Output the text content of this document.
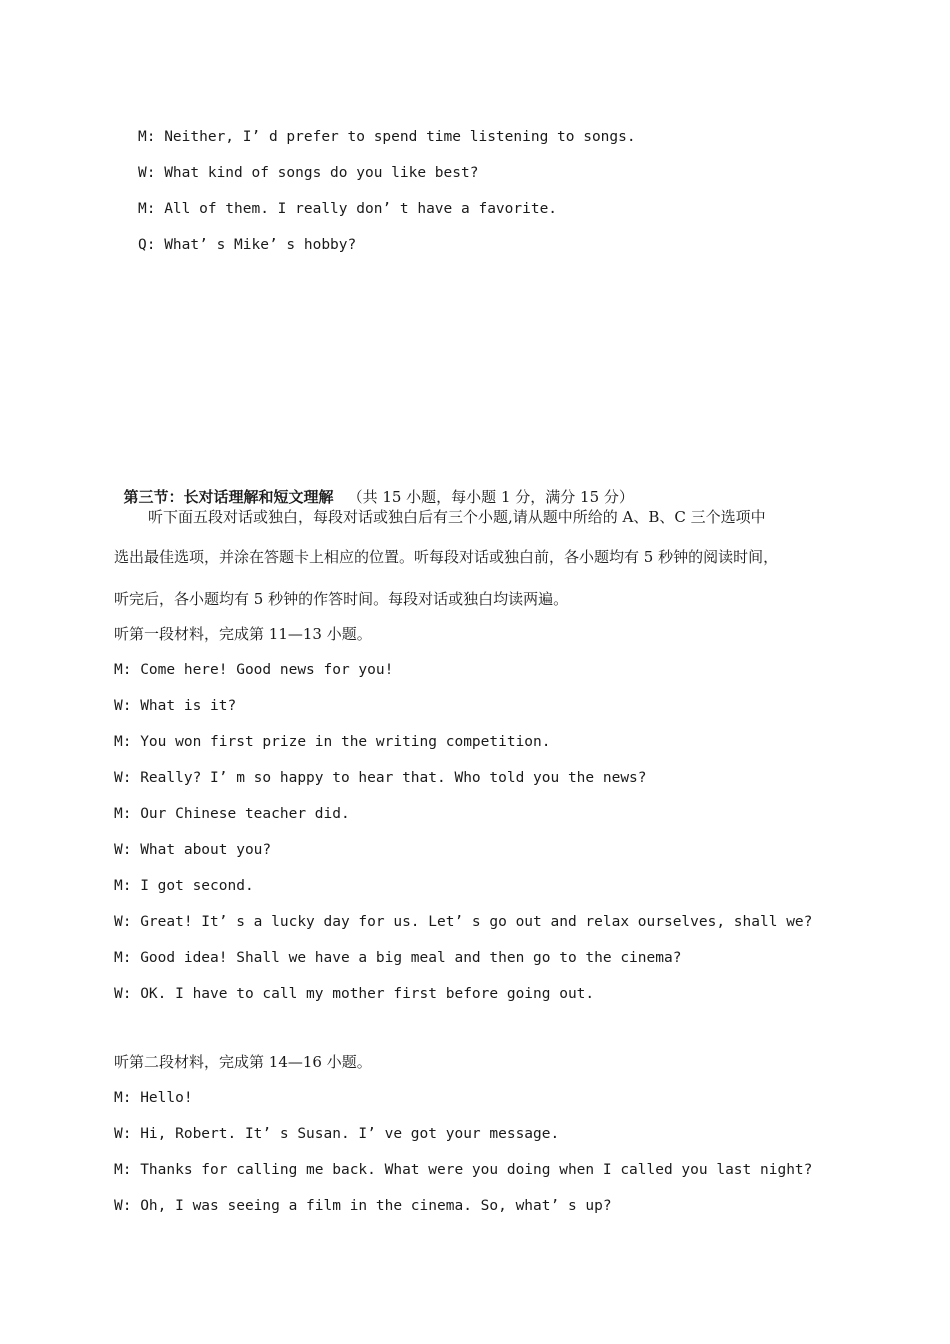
M: Neither, I’ d prefer to spend time listening to songs.
W: What kind of songs do you like best?
M: All of them. I really don’ t have a favorite.
Q: What’ s Mike’ s hobby?

第三节：长对话理解和短文理解 （共 15 小题，每小题 1 分，满分 15 分）

听下面五段对话或独白，每段对话或独白后有三个小题,请从题中所给的 A、B、C 三个选项中
选出最佳选项，并涂在答题卡上相应的位置。听每段对话或独白前，各小题均有 5 秒钟的阅读时间，
听完后，各小题均有 5 秒钟的作答时间。每段对话或独白均读两遍。
听第一段材料，完成第 11—13 小题。
M: Come here! Good news for you!
W: What is it?
M: You won first prize in the writing competition.
W: Really? I’ m so happy to hear that. Who told you the news?
M: Our Chinese teacher did.
W: What about you?
M: I got second.
W: Great! It’ s a lucky day for us. Let’ s go out and relax ourselves, shall we?
M: Good idea! Shall we have a big meal and then go to the cinema?
W: OK. I have to call my mother first before going out.
听第二段材料，完成第 14—16 小题。
M: Hello!
W: Hi, Robert. It’ s Susan. I’ ve got your message.
M: Thanks for calling me back. What were you doing when I called you last night?
W: Oh, I was seeing a film in the cinema. So, what’ s up?
